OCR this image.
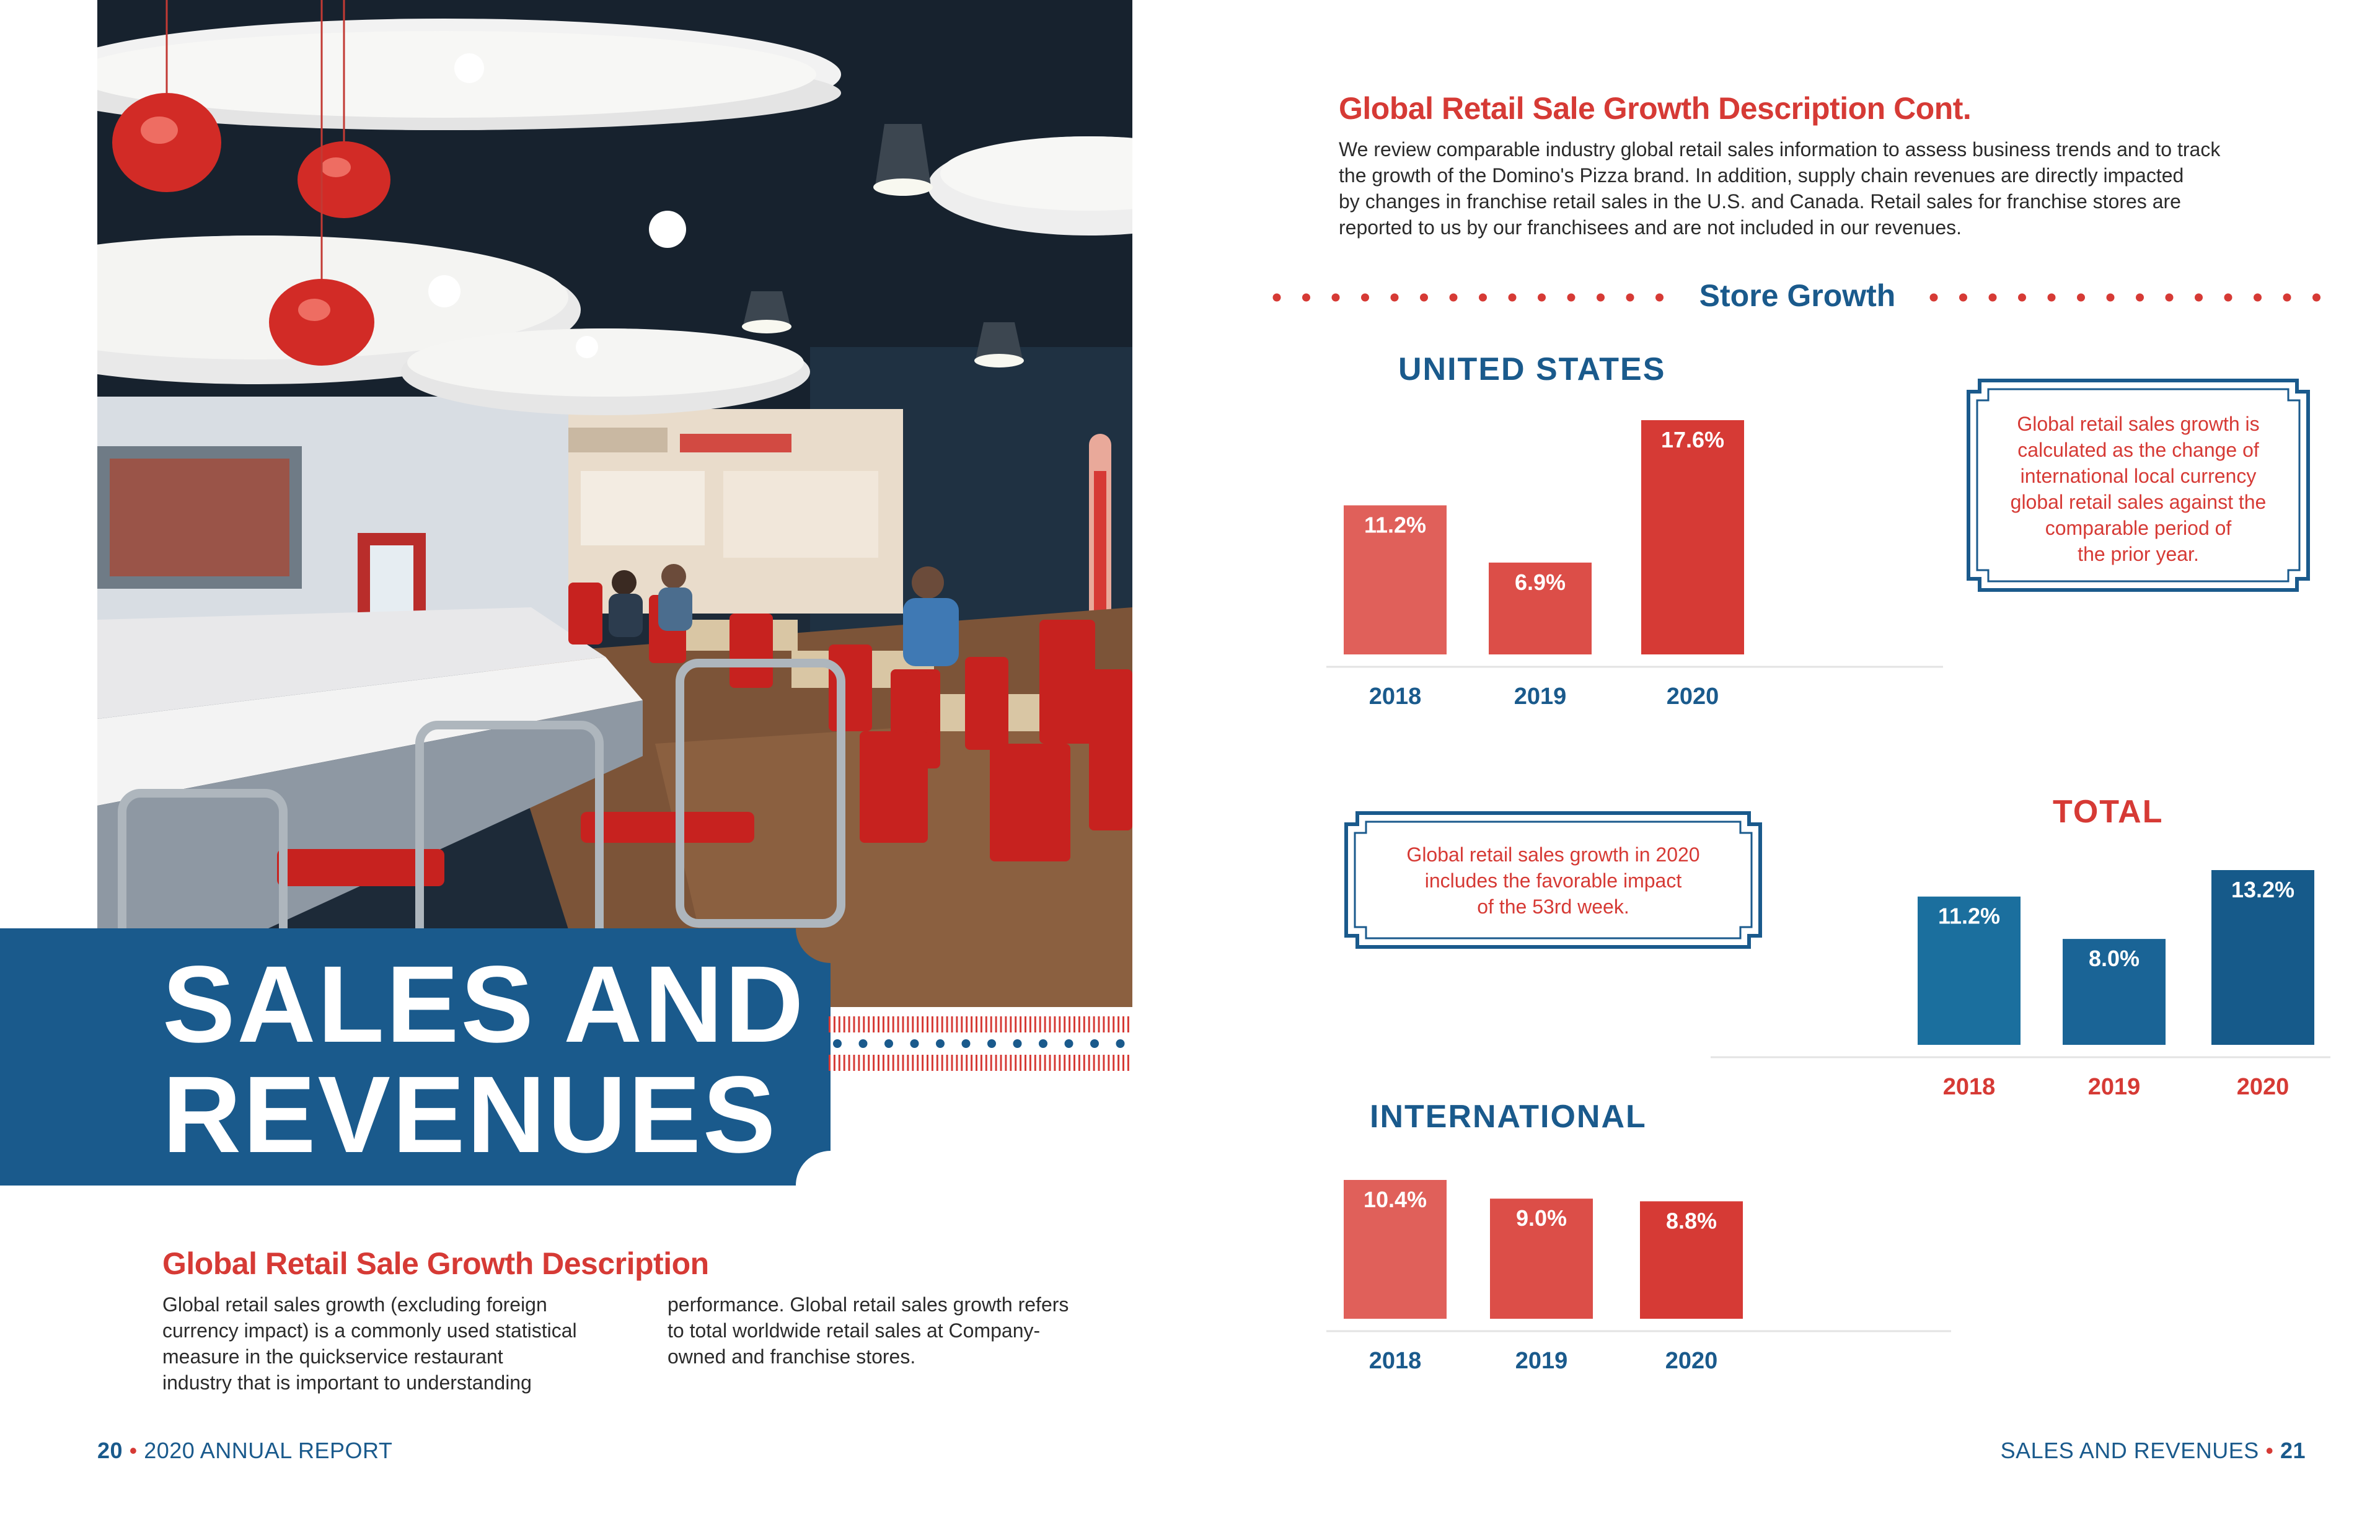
SALES AND
REVENUES
Global Retail Sale Growth Description
Global retail sales growth (excluding foreign
currency impact) is a commonly used statistical
measure in the quickservice restaurant
industry that is important to understanding
performance. Global retail sales growth refers
to total worldwide retail sales at Company-
owned and franchise stores.
20 • 2020 ANNUAL REPORT
Global Retail Sale Growth Description Cont.
We review comparable industry global retail sales information to assess business trends and to track
the growth of the Domino's Pizza brand. In addition, supply chain revenues are directly impacted
by changes in franchise retail sales in the U.S. and Canada. Retail sales for franchise stores are
reported to us by our franchisees and are not included in our revenues.
Store Growth
UNITED STATES
11.2%
2018
6.9%
2019
17.6%
2020
TOTAL
11.2%
2018
8.0%
2019
13.2%
2020
INTERNATIONAL
10.4%
2018
9.0%
2019
8.8%
2020
Global retail sales growth is
calculated as the change of
international local currency
global retail sales against the
comparable period of
the prior year.
Global retail sales growth in 2020
includes the favorable impact
of the 53rd week.
SALES AND REVENUES • 21
